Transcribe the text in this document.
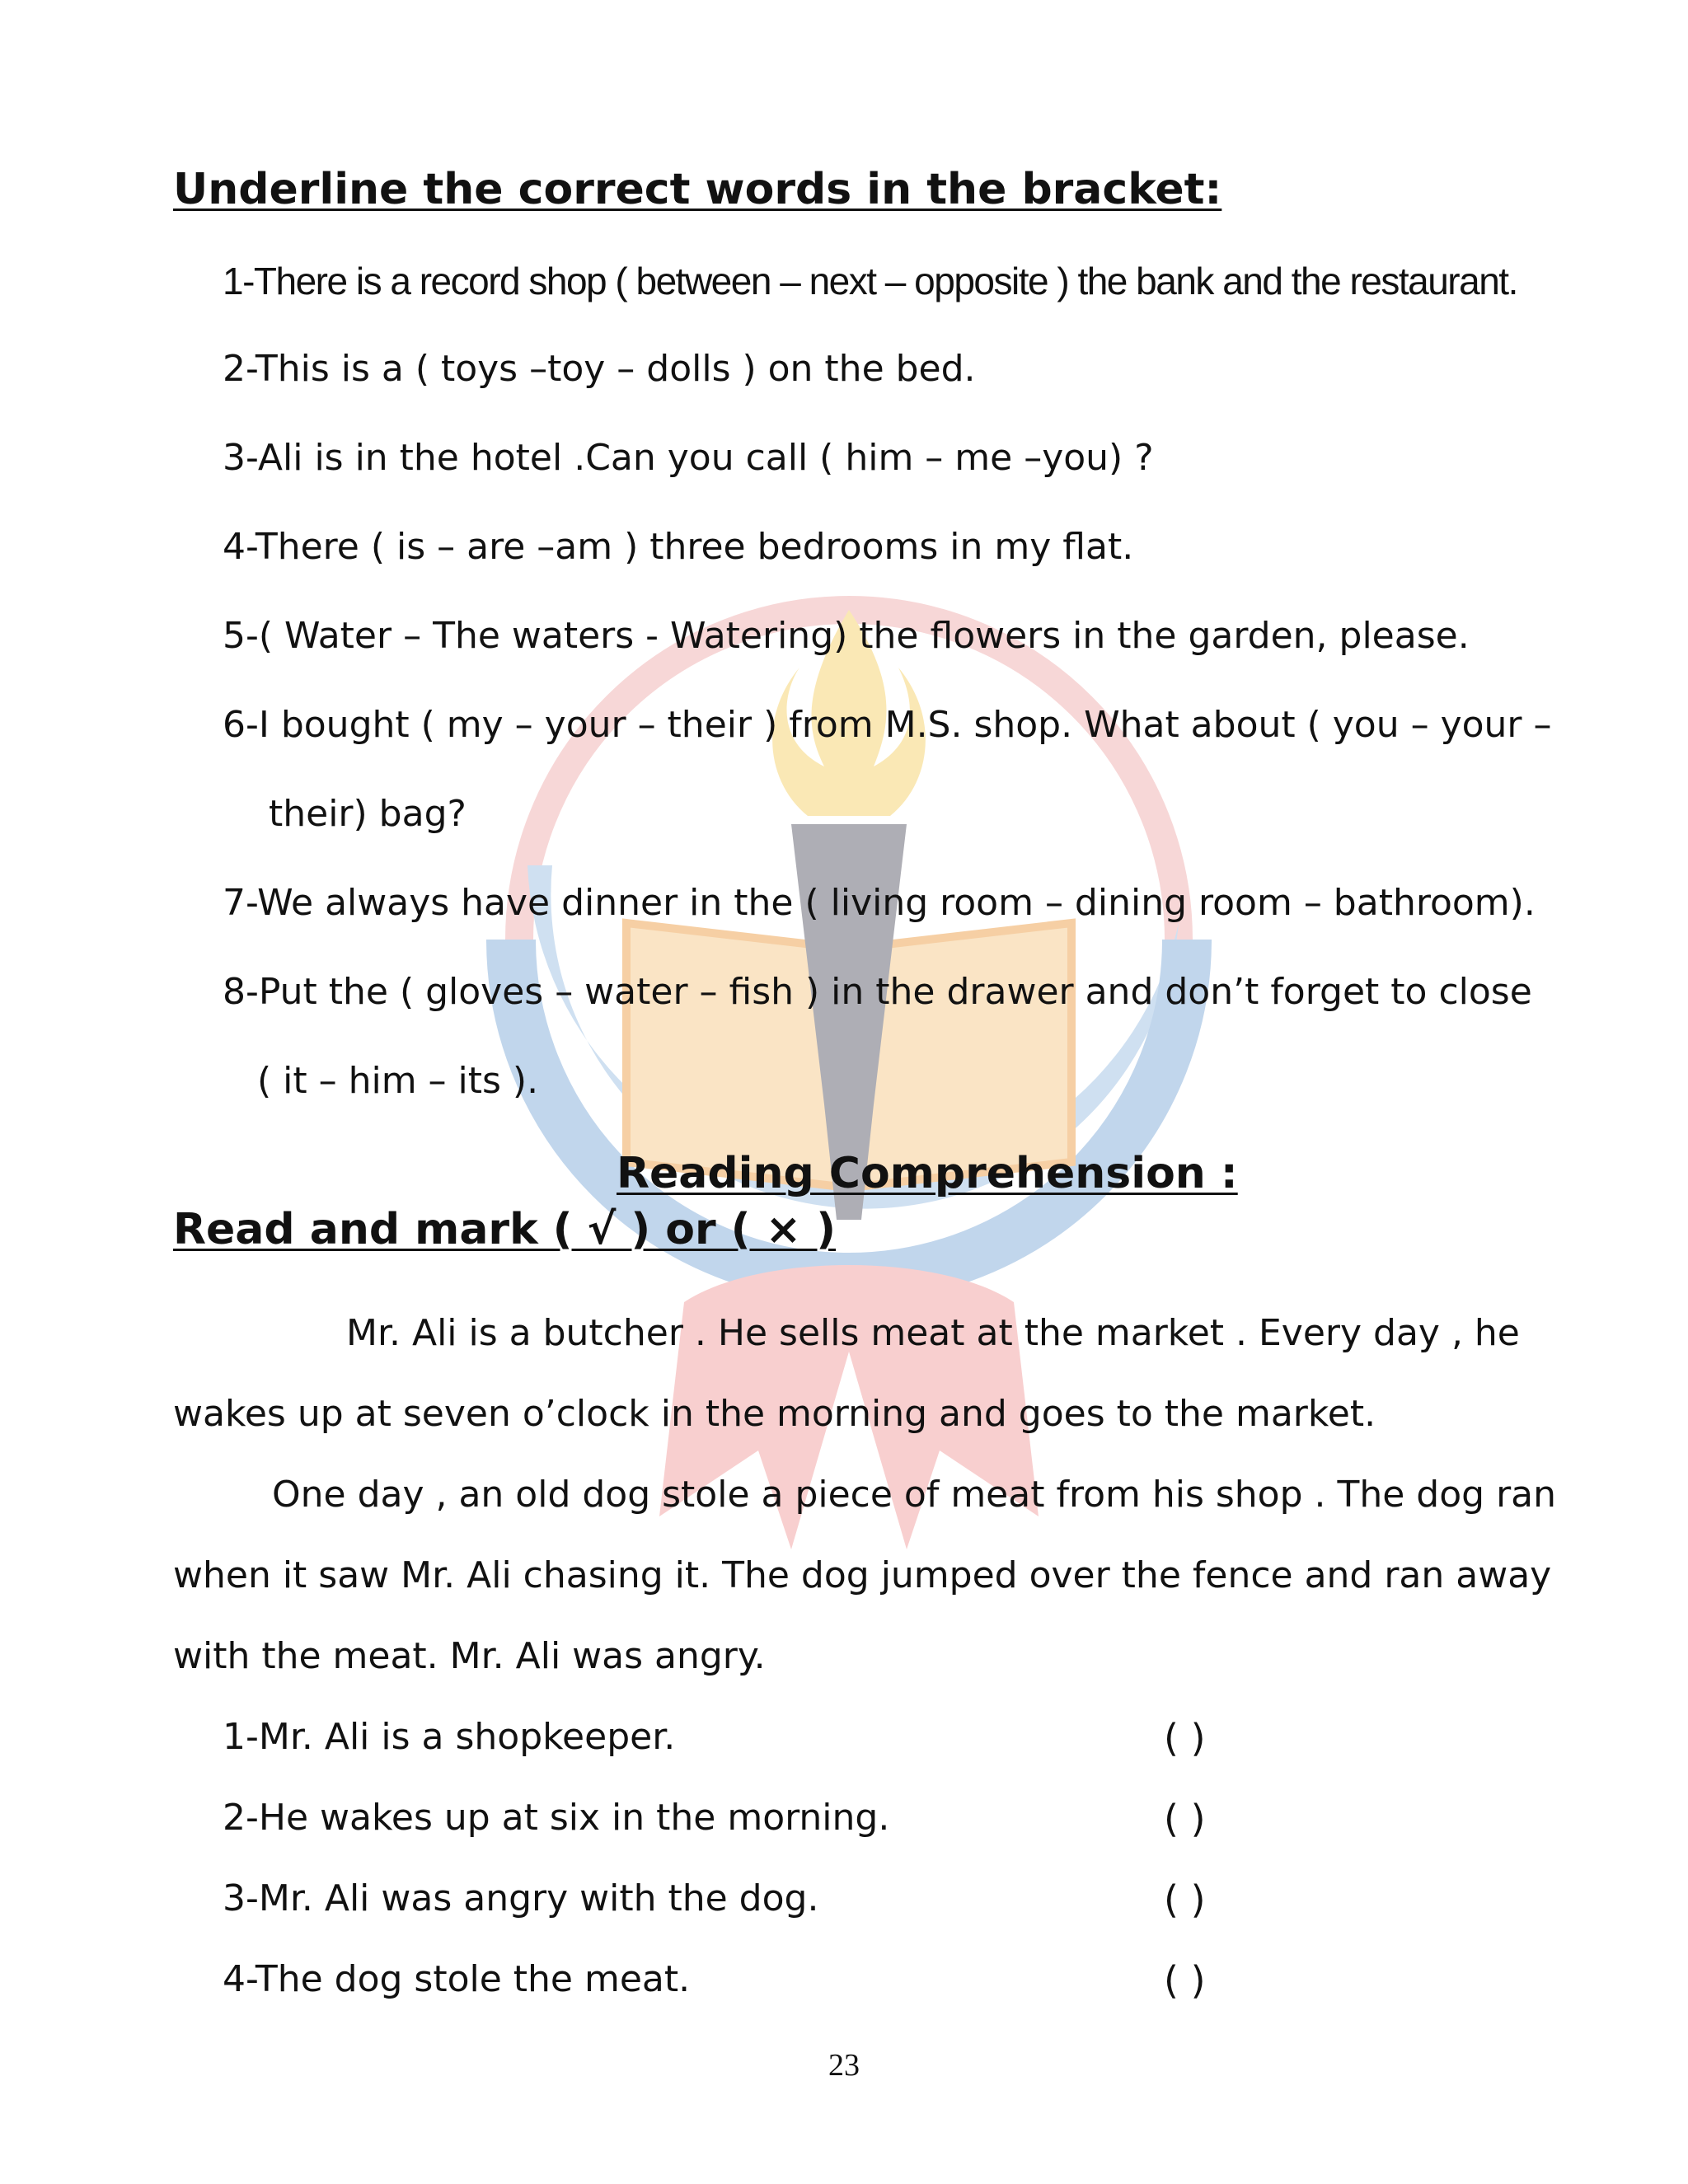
Underline the correct words in the bracket:
1-There is a record shop ( between – next – opposite ) the bank and the restaurant.
2-This is a ( toys –toy – dolls ) on the bed.
3-Ali is in the hotel .Can you call ( him – me –you) ?
4-There ( is – are –am ) three bedrooms in my flat.
5-( Water – The waters - Watering) the flowers in the garden, please.
6-I bought ( my – your – their ) from M.S. shop. What about ( you – your –
their) bag?
7-We always have dinner in the ( living room – dining room – bathroom).
8-Put the ( gloves – water – fish ) in the drawer and don’t forget to close
( it – him – its ).
Reading Comprehension :
Read and mark ( √ ) or ( × )
Mr. Ali is a butcher . He sells meat at the market . Every day , he
wakes up at seven o’clock in the morning and goes to the market.
One day , an old dog stole a piece of meat from his shop . The dog ran
when it saw Mr. Ali chasing it. The dog jumped over the fence and ran away
with the meat. Mr. Ali was angry.
1-Mr. Ali is a shopkeeper.	( )
2-He wakes up at six in the morning.	( )
3-Mr. Ali was angry with the dog.	( )
4-The dog stole the meat.	( )
23
